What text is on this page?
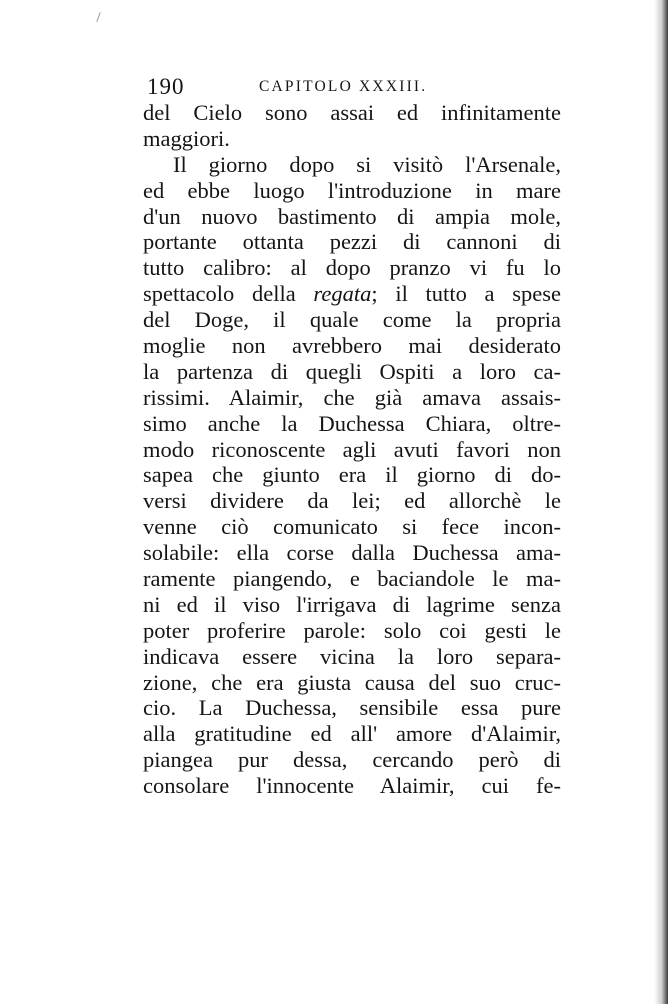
190	CAPITOLO XXXIII.
del Cielo sono assai ed infinitamente
maggiori.
Il giorno dopo si visitò l'Arsenale,
ed ebbe luogo l'introduzione in mare
d'un nuovo bastimento di ampia mole,
portante ottanta pezzi di cannoni di
tutto calibro: al dopo pranzo vi fu lo
spettacolo della regata; il tutto a spese
del Doge, il quale come la propria
moglie non avrebbero mai desiderato
la partenza di quegli Ospiti a loro ca-
rissimi. Alaimir, che già amava assais-
simo anche la Duchessa Chiara, oltre-
modo riconoscente agli avuti favori non
sapea che giunto era il giorno di do-
versi dividere da lei; ed allorchè le
venne ciò comunicato si fece incon-
solabile: ella corse dalla Duchessa ama-
ramente piangendo, e baciandole le ma-
ni ed il viso l'irrigava di lagrime senza
poter proferire parole: solo coi gesti le
indicava essere vicina la loro separa-
zione, che era giusta causa del suo cruc-
cio. La Duchessa, sensibile essa pure
alla gratitudine ed all' amore d'Alaimir,
piangea pur dessa, cercando però di
consolare l'innocente Alaimir, cui fe-
